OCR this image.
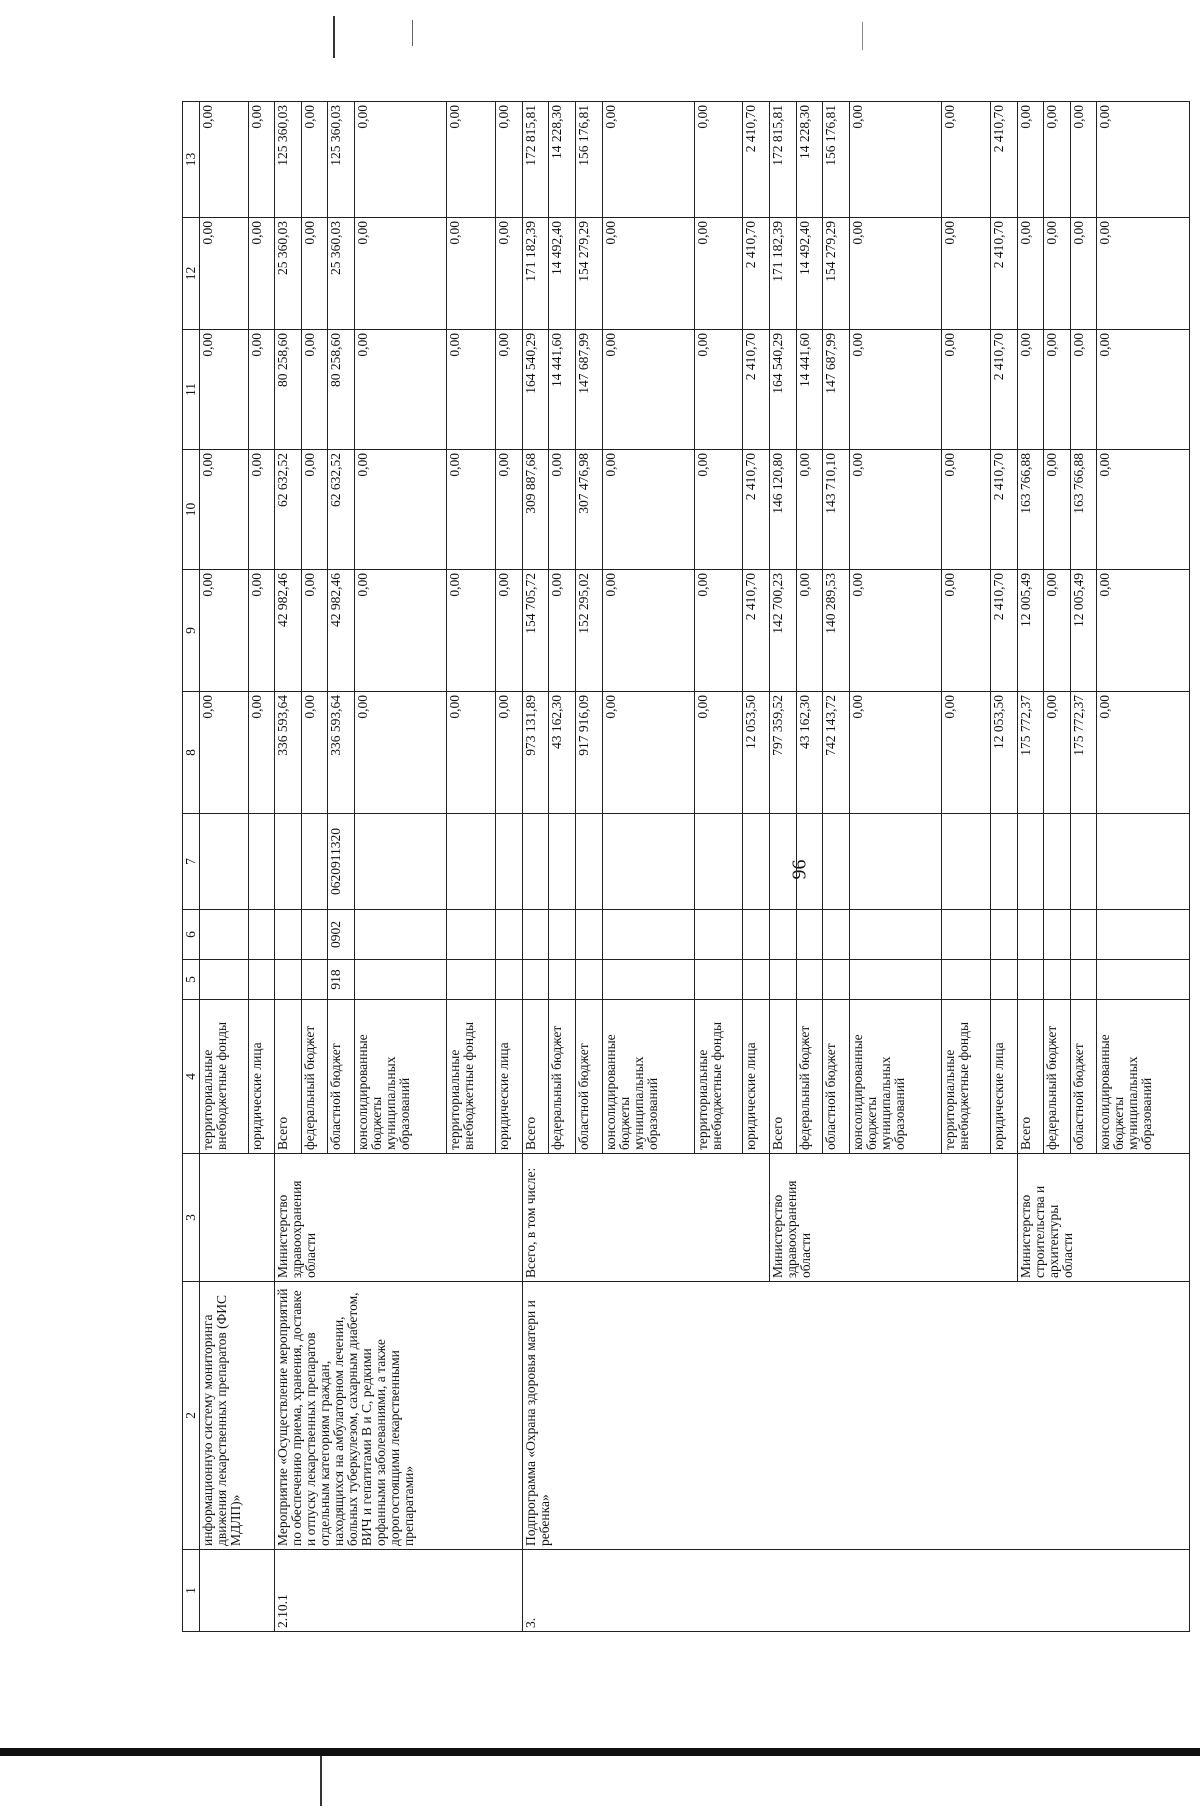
96
1	2	3	4	5	6	7	8	9	10	11	12	13
	информационную систему мониторинга движения лекарственных препаратов (ФИС МДЛП)»		территориальные внебюджетные фонды				0,00	0,00	0,00	0,00	0,00	0,00
			юридические лица				0,00	0,00	0,00	0,00	0,00	0,00
2.10.1	Мероприятие «Осуществление мероприятий по обеспечению приема, хранения, доставке и отпуску лекарственных препаратов отдельным категориям граждан, находящихся на амбулаторном лечении, больных туберкулезом, сахарным диабетом, ВИЧ и гепатитами В и С, редкими орфанными заболеваниями, а также дорогостоящими лекарственными препаратами»	Министерство здравоохранения области	Всего				336 593,64	42 982,46	62 632,52	80 258,60	25 360,03	125 360,03
			федеральный бюджет				0,00	0,00	0,00	0,00	0,00	0,00
			областной бюджет	918	0902	0620911320	336 593,64	42 982,46	62 632,52	80 258,60	25 360,03	125 360,03
			консолидированные бюджеты муниципальных образований				0,00	0,00	0,00	0,00	0,00	0,00
			территориальные внебюджетные фонды				0,00	0,00	0,00	0,00	0,00	0,00
			юридические лица				0,00	0,00	0,00	0,00	0,00	0,00
3.	Подпрограмма «Охрана здоровья матери и ребенка»	Всего, в том числе:	Всего				973 131,89	154 705,72	309 887,68	164 540,29	171 182,39	172 815,81
			федеральный бюджет				43 162,30	0,00	0,00	14 441,60	14 492,40	14 228,30
			областной бюджет				917 916,09	152 295,02	307 476,98	147 687,99	154 279,29	156 176,81
			консолидированные бюджеты муниципальных образований				0,00	0,00	0,00	0,00	0,00	0,00
			территориальные внебюджетные фонды				0,00	0,00	0,00	0,00	0,00	0,00
			юридические лица				12 053,50	2 410,70	2 410,70	2 410,70	2 410,70	2 410,70
		Министерство здравоохранения области	Всего				797 359,52	142 700,23	146 120,80	164 540,29	171 182,39	172 815,81
			федеральный бюджет				43 162,30	0,00	0,00	14 441,60	14 492,40	14 228,30
			областной бюджет				742 143,72	140 289,53	143 710,10	147 687,99	154 279,29	156 176,81
			консолидированные бюджеты муниципальных образований				0,00	0,00	0,00	0,00	0,00	0,00
			территориальные внебюджетные фонды				0,00	0,00	0,00	0,00	0,00	0,00
			юридические лица				12 053,50	2 410,70	2 410,70	2 410,70	2 410,70	2 410,70
		Министерство строительства и архитектуры области	Всего				175 772,37	12 005,49	163 766,88	0,00	0,00	0,00
			федеральный бюджет				0,00	0,00	0,00	0,00	0,00	0,00
			областной бюджет				175 772,37	12 005,49	163 766,88	0,00	0,00	0,00
			консолидированные бюджеты муниципальных образований				0,00	0,00	0,00	0,00	0,00	0,00
